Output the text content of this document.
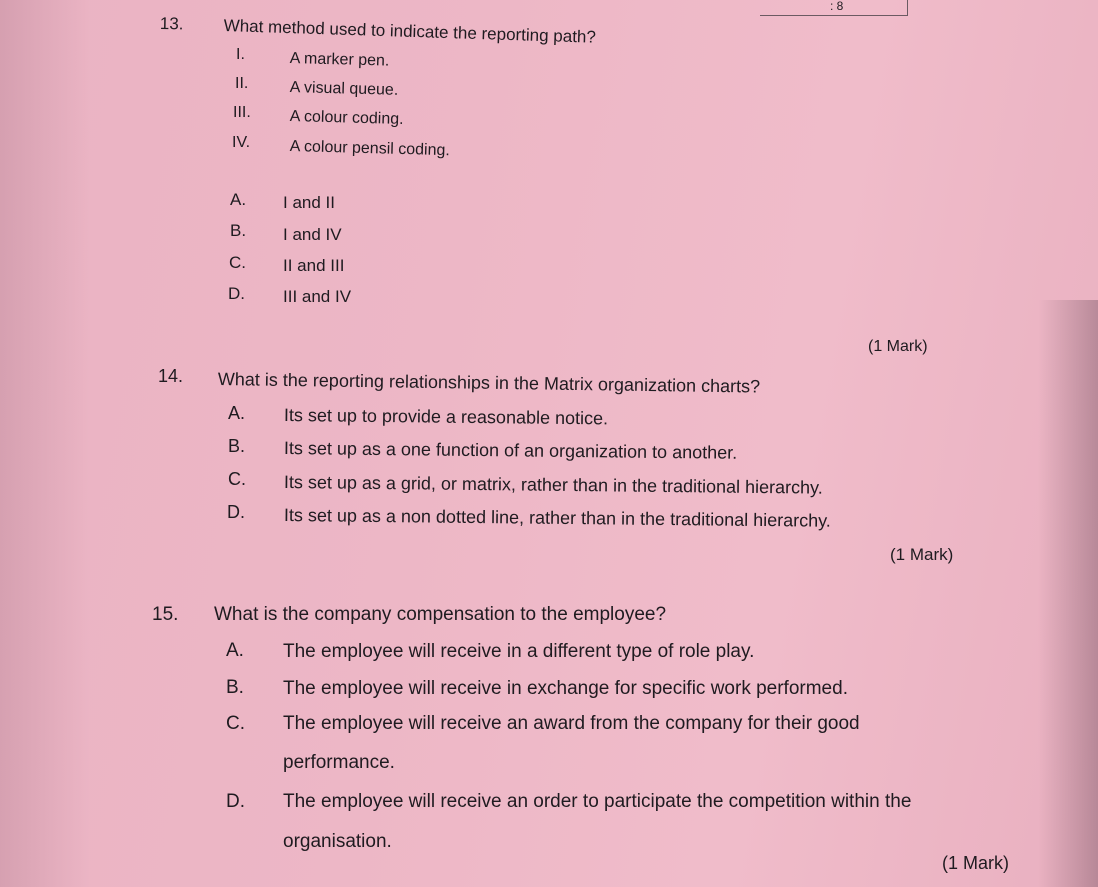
: 8
13. What method used to indicate the reporting path?
I.	A marker pen.
II.	A visual queue.
III. A colour coding.
IV. A colour pensil coding.
A. I and II
B. I and IV
C. II and III
D. III and IV
(1 Mark)
14. What is the reporting relationships in the Matrix organization charts?
A. Its set up to provide a reasonable notice.
B. Its set up as a one function of an organization to another.
C. Its set up as a grid, or matrix, rather than in the traditional hierarchy.
D. Its set up as a non dotted line, rather than in the traditional hierarchy.
(1 Mark)
15. What is the company compensation to the employee?
A. The employee will receive in a different type of role play.
B. The employee will receive in exchange for specific work performed.
C. The employee will receive an award from the company for their good
performance.
D. The employee will receive an order to participate the competition within the
organisation.
(1 Mark)
